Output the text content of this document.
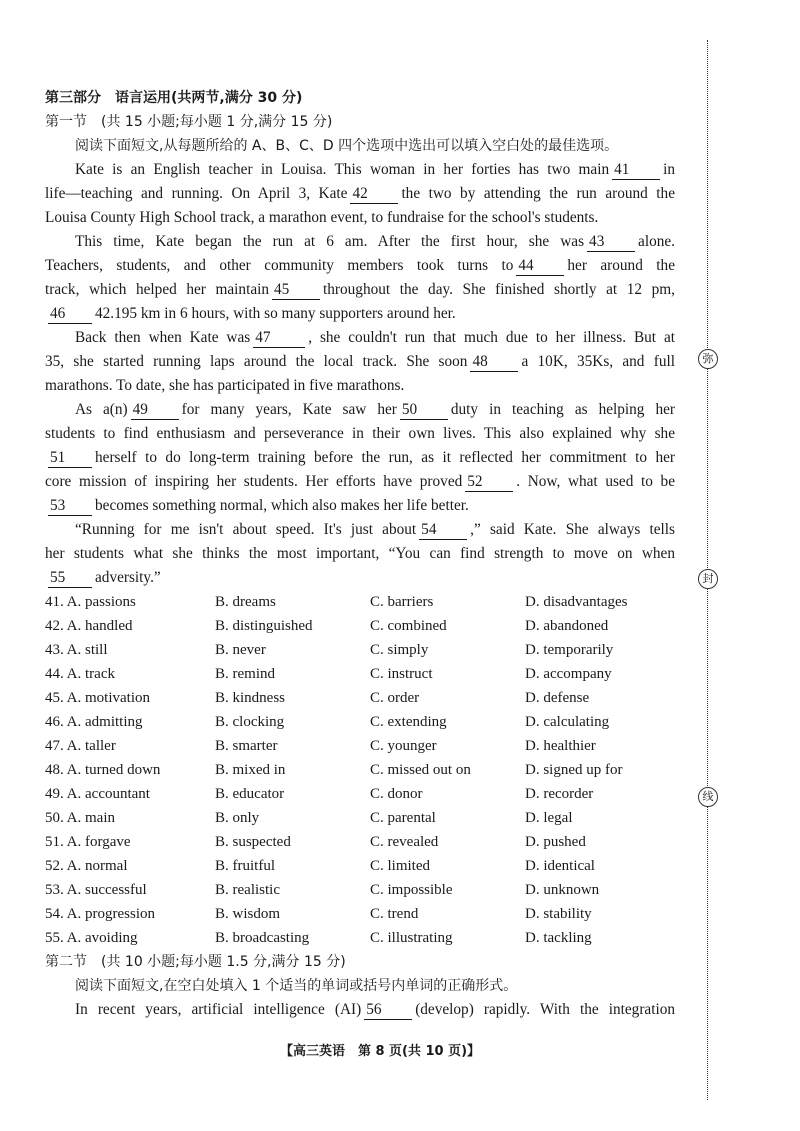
弥
封
线
第三部分　语言运用(共两节,满分 30 分)
第一节　(共 15 小题;每小题 1 分,满分 15 分)
阅读下面短文,从每题所给的 A、B、C、D 四个选项中选出可以填入空白处的最佳选项。
Kate is an English teacher in Louisa. This woman in her forties has two main 41 in
life—teaching and running. On April 3, Kate 42 the two by attending the run around the
Louisa County High School track, a marathon event, to fundraise for the school's students.
This time, Kate began the run at 6 am. After the first hour, she was 43 alone.
Teachers, students, and other community members took turns to 44 her around the
track, which helped her maintain 45 throughout the day. She finished shortly at 12 pm,
46 42.195 km in 6 hours, with so many supporters around her.
Back then when Kate was 47 , she couldn't run that much due to her illness. But at
35, she started running laps around the local track. She soon 48 a 10K, 35Ks, and full
marathons. To date, she has participated in five marathons.
As a(n) 49 for many years, Kate saw her 50 duty in teaching as helping her
students to find enthusiasm and perseverance in their own lives. This also explained why she
51 herself to do long-term training before the run, as it reflected her commitment to her
core mission of inspiring her students. Her efforts have proved 52 . Now, what used to be
53 becomes something normal, which also makes her life better.
“Running for me isn't about speed. It's just about 54 ,” said Kate. She always tells
her students what she thinks the most important, “You can find strength to move on when
55 adversity.”
41. A. passions	B. dreams	C. barriers	D. disadvantages
42. A. handled	B. distinguished	C. combined	D. abandoned
43. A. still	B. never	C. simply	D. temporarily
44. A. track	B. remind	C. instruct	D. accompany
45. A. motivation	B. kindness	C. order	D. defense
46. A. admitting	B. clocking	C. extending	D. calculating
47. A. taller	B. smarter	C. younger	D. healthier
48. A. turned down	B. mixed in	C. missed out on	D. signed up for
49. A. accountant	B. educator	C. donor	D. recorder
50. A. main	B. only	C. parental	D. legal
51. A. forgave	B. suspected	C. revealed	D. pushed
52. A. normal	B. fruitful	C. limited	D. identical
53. A. successful	B. realistic	C. impossible	D. unknown
54. A. progression	B. wisdom	C. trend	D. stability
55. A. avoiding	B. broadcasting	C. illustrating	D. tackling
第二节　(共 10 小题;每小题 1.5 分,满分 15 分)
阅读下面短文,在空白处填入 1 个适当的单词或括号内单词的正确形式。
In recent years, artificial intelligence (AI) 56 (develop) rapidly. With the integration
【高三英语　第 8 页(共 10 页)】
